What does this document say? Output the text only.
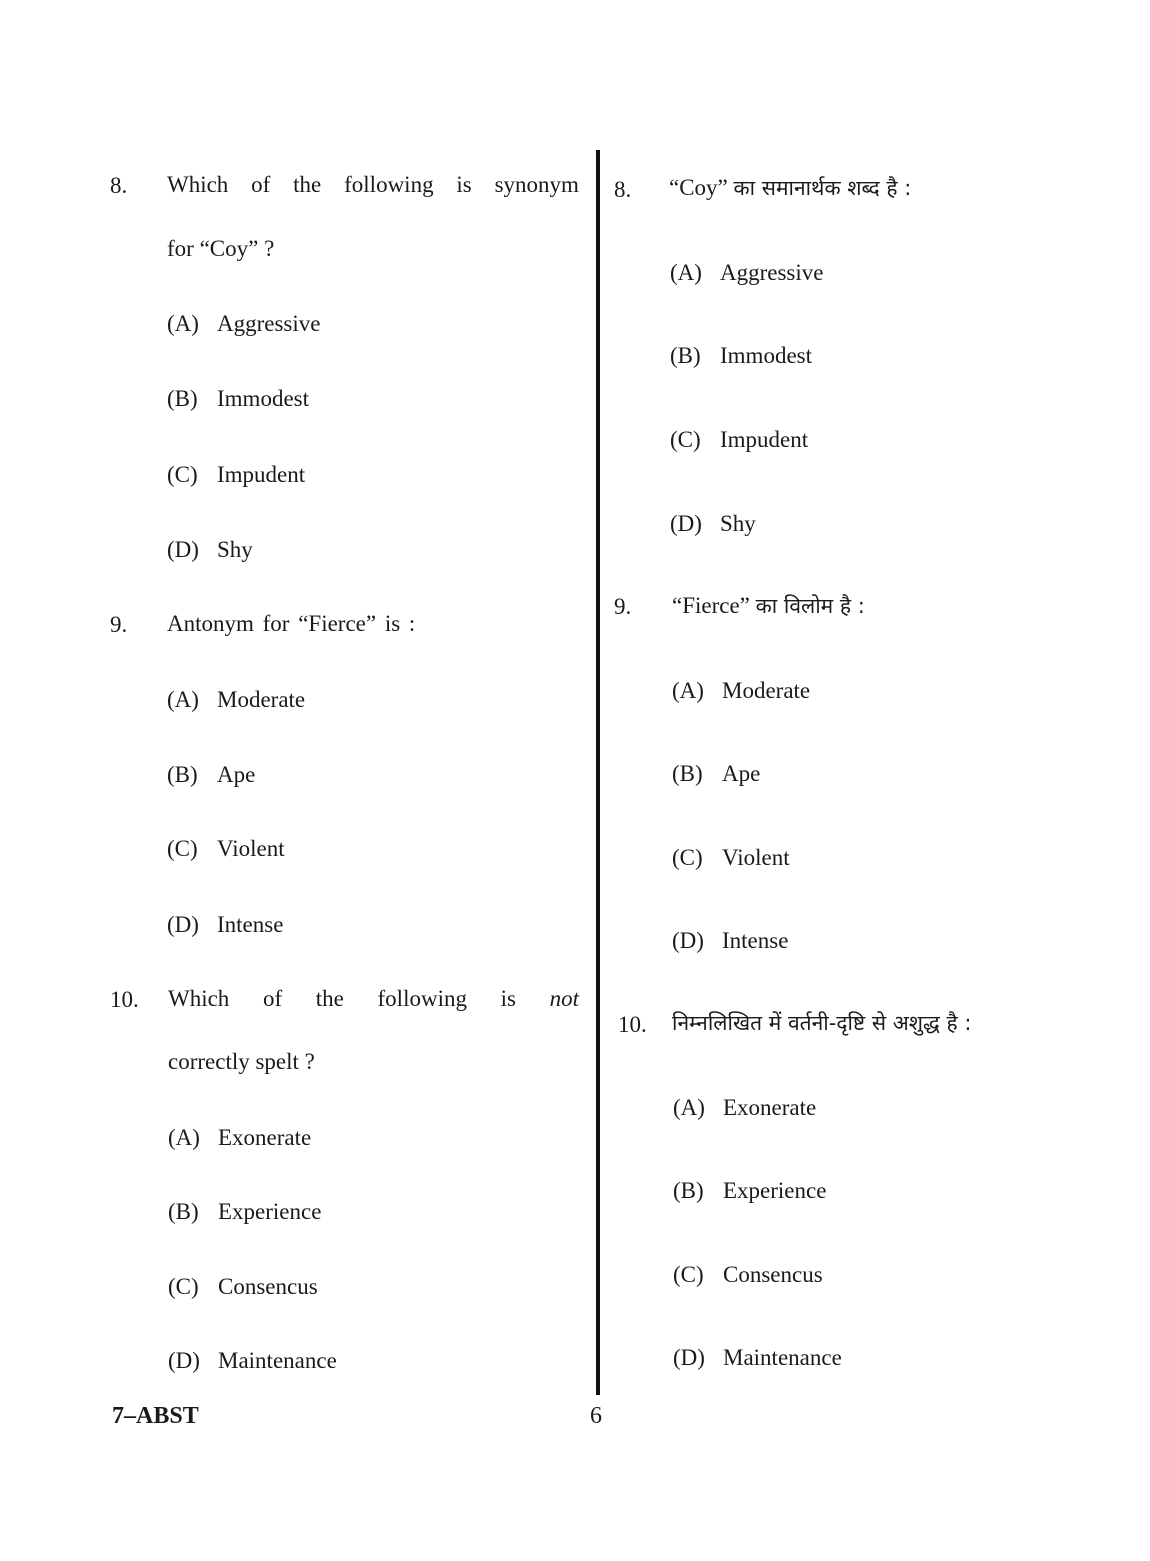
8. Which of the following is synonym
for “Coy” ?
(A) Aggressive
(B) Immodest
(C) Impudent
(D) Shy
9. Antonym for “Fierce” is :
(A) Moderate
(B) Ape
(C) Violent
(D) Intense
10. Which of the following is not
correctly spelt ?
(A) Exonerate
(B) Experience
(C) Consencus
(D) Maintenance
8. “Coy” का समानार्थक शब्द है :
(A) Aggressive
(B) Immodest
(C) Impudent
(D) Shy
9. “Fierce” का विलोम है :
(A) Moderate
(B) Ape
(C) Violent
(D) Intense
10. निम्नलिखित में वर्तनी-दृष्टि से अशुद्ध है :
(A) Exonerate
(B) Experience
(C) Consencus
(D) Maintenance
7–ABST	6
